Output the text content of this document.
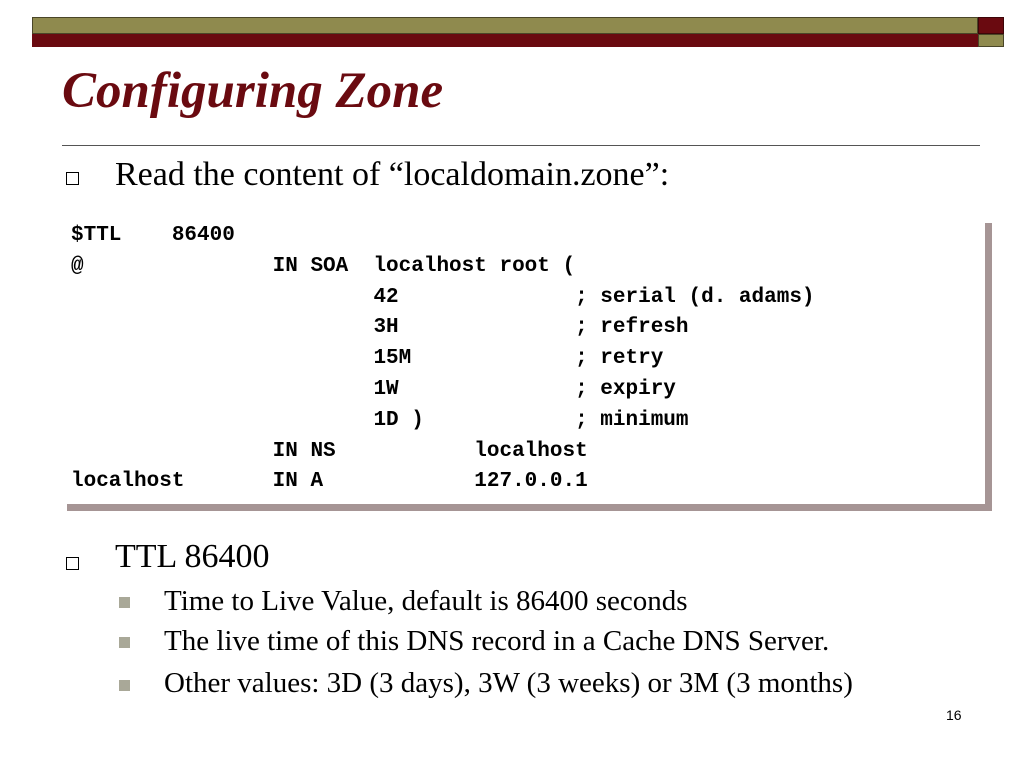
Configuring Zone
Read the content of “localdomain.zone”:
$TTL    86400
@               IN SOA  localhost root (
42              ; serial (d. adams)
3H              ; refresh
15M             ; retry
1W              ; expiry
1D )            ; minimum
IN NS           localhost
localhost       IN A            127.0.0.1
TTL 86400
Time to Live Value, default is 86400 seconds
The live time of this DNS record in a Cache DNS Server.
Other values: 3D (3 days), 3W (3 weeks) or 3M (3 months)
16
